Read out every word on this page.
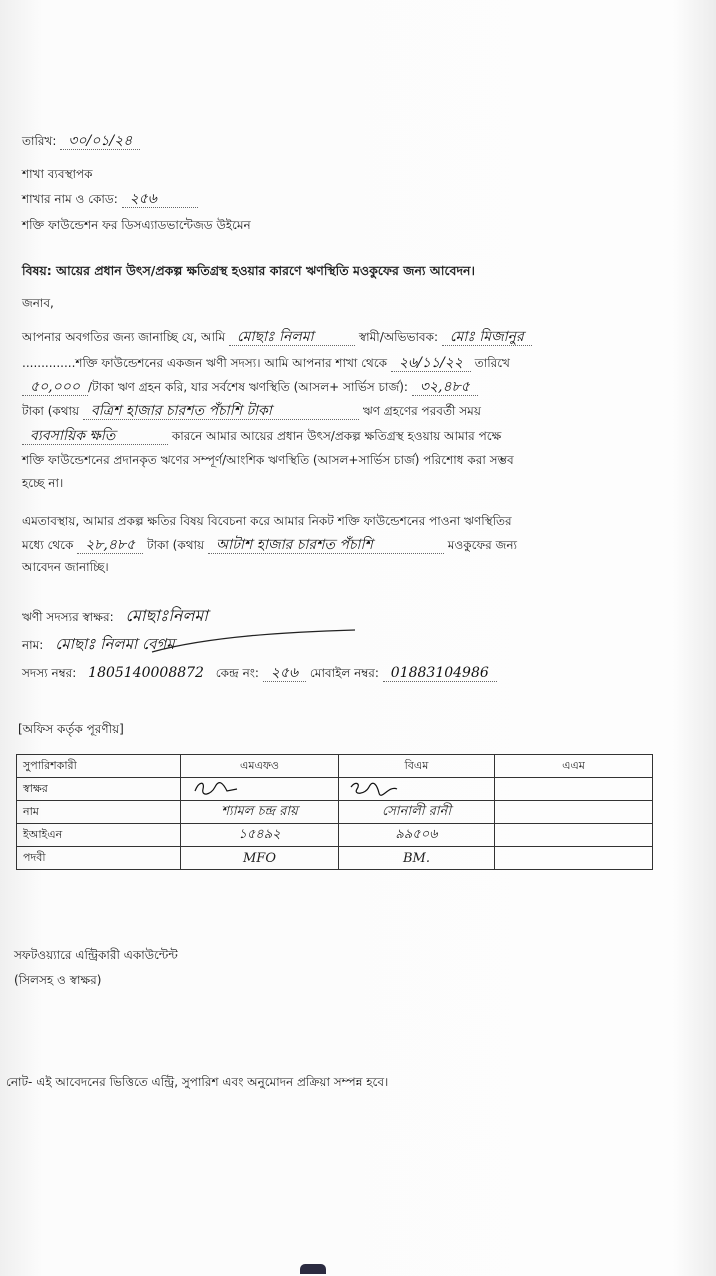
তারিখ: ৩০/০১/২৪
শাখা ব্যবস্থাপক
শাখার নাম ও কোড: ২৫৬
শক্তি ফাউন্ডেশন ফর ডিসএ্যাডভান্টেজড উইমেন
বিষয়: আয়ের প্রধান উৎস/প্রকল্প ক্ষতিগ্রস্থ হওয়ার কারণে ঋণস্থিতি মওকুফের জন্য আবেদন।
জনাব,
আপনার অবগতির জন্য জানাচ্ছি যে, আমি মোছাঃ নিলমা	স্বামী/অভিভাবক: মোঃ মিজানুর
..............শক্তি ফাউন্ডেশনের একজন ঋণী সদস্য। আমি আপনার শাখা থেকে ২৬/১১/২২ তারিখে
৫০,০০০ /টাকা ঋণ গ্রহন করি, যার সর্বশেষ ঋণস্থিতি (আসল+ সার্ভিস চার্জ): ৩২,৪৮৫
টাকা (কথায় বত্রিশ হাজার চারশত পঁচাশি টাকা	ঋণ গ্রহণের পরবর্তী সময়
ব্যবসায়িক ক্ষতি	কারনে আমার আয়ের প্রধান উৎস/প্রকল্প ক্ষতিগ্রস্থ হওয়ায় আমার পক্ষে
শক্তি ফাউন্ডেশনের প্রদানকৃত ঋণের সম্পূর্ণ/আংশিক ঋণস্থিতি (আসল+সার্ভিস চার্জ) পরিশোধ করা সম্ভব
হচ্ছে না।
এমতাবস্থায়, আমার প্রকল্প ক্ষতির বিষয় বিবেচনা করে আমার নিকট শক্তি ফাউন্ডেশনের পাওনা ঋণস্থিতির
মধ্যে থেকে ২৮,৪৮৫ টাকা (কথায় আটাশ হাজার চারশত পঁচাশি	মওকুফের জন্য
আবেদন জানাচ্ছি।
ঋণী সদস্যর স্বাক্ষর: মোছাঃনিলমা
নাম: মোছাঃ নিলমা বেগম
সদস্য নম্বর: 1805140008872 কেন্দ্র নং: ২৫৬ মোবাইল নম্বর: 01883104986
[অফিস কর্তৃক পূরণীয়]
সুপারিশকারী	এমএফও	বিএম	এএম
স্বাক্ষর			
নাম	শ্যামল চন্দ্র রায়	সোনালী রানী	
ইআইএন	১৫৪৯২	৯৯৫০৬	
পদবী	MFO	BM.	
সফটওয়্যারে এন্ট্রিকারী একাউন্টেন্ট
(সিলসহ ও স্বাক্ষর)
নোট- এই আবেদনের ভিত্তিতে এন্ট্রি, সুপারিশ এবং অনুমোদন প্রক্রিয়া সম্পন্ন হবে।
